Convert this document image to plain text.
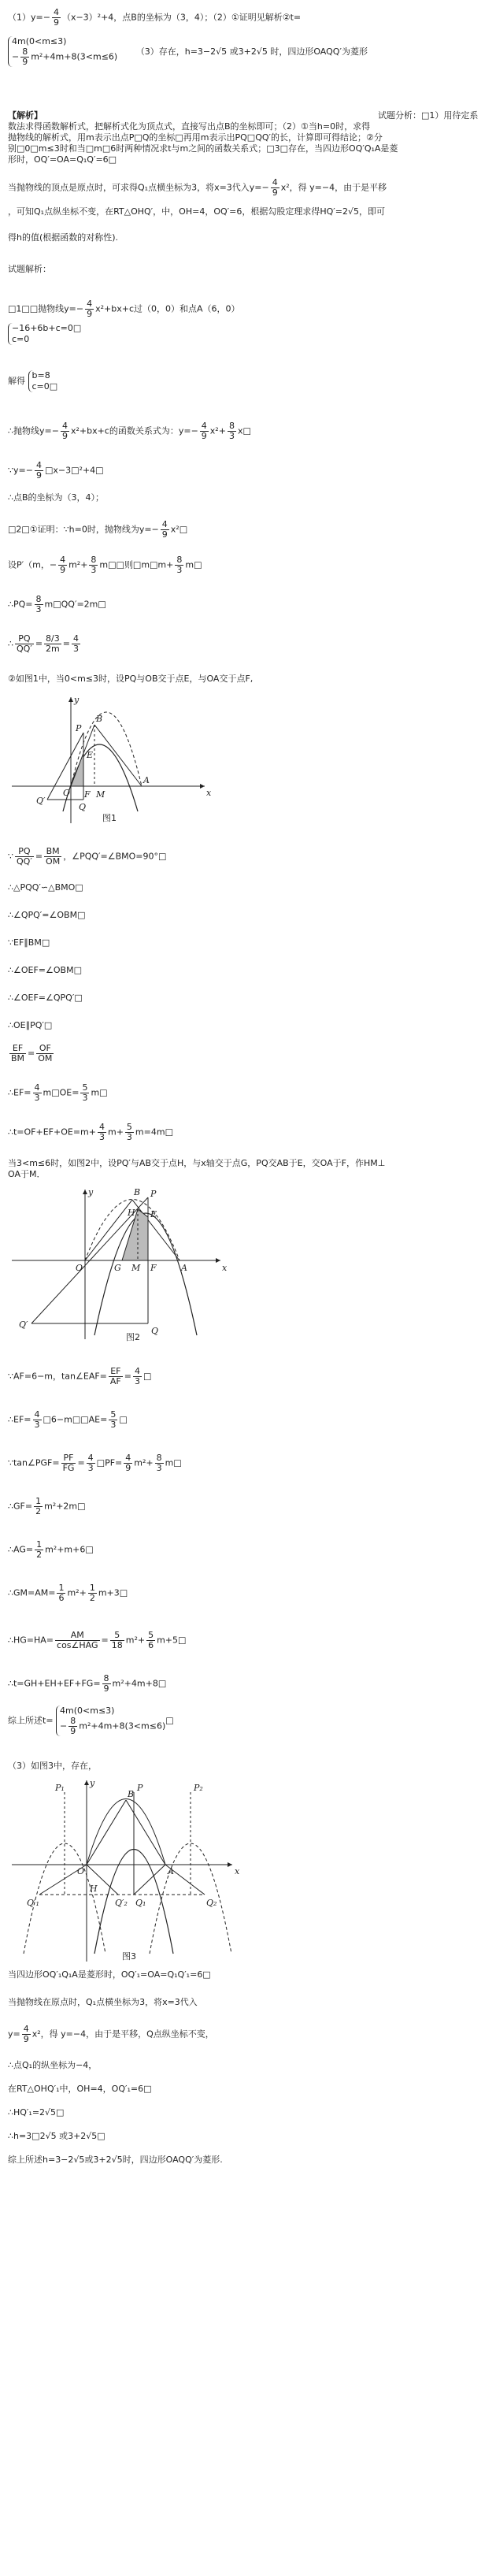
$(1)y=- \frac{4}{9} (x-3)^2+4$，点B的坐标为（3，4）；（2）①证明见解析②t=
4m(0<m≤3)
− $\frac{8}{9} m^2+4m+8(3<m\le 6)$ （3）存在，h=3−2√5 或3+2√5 时，四边形OAQQ′为菱形
【解析】	试题分析：□1）用待定系
数法求得函数解析式，把解析式化为顶点式，直接写出点B的坐标即可；（2）①当h=0时，求得
抛物线的解析式，用m表示出点P□Q的坐标□再用m表示出PQ□QQ′的长，计算即可得结论；②分
别□0□m≤3时和当□m□6时两种情况求t与m之间的函数关系式；□3□存在，当四边形OQ′Q₁A是菱
形时，OQ′=OA=Q₁Q′=6□
当抛物线的顶点是原点时，可求得Q₁点横坐标为3，将x=3代入$y=- \frac{4}{9} x^2$，得 y=−4，由于是平移
，可知Q₁点纵坐标不变，在RT△OHQ′，中，OH=4，OQ′=6，根据勾股定理求得HQ′=2√5，即可
得h的值(根据函数的对称性).
试题解析：
□1□□抛物线$y=- \frac{4}{9} x^2+bx+c$过（0，0）和点A（6，0）
−16+6b+c=0□
c=0
解得 b=8
c=0□
∴抛物线$y=- \frac{4}{9} x^2+bx+c$的函数关系式为：$y=- \frac{4}{9} x^2+ \frac{8}{3}$ x□
∵y=− $\frac{4}{9}$ □x−3□²+4□
∴点B的坐标为（3，4）；
□2□①证明：∵h=0时，抛物线为$y=- \frac{4}{9}$ x²□
设P′（m，− $\frac{4}{9} m^2+ \frac{8}{3}$ m□□则□m□m+ $\frac{8}{3}$ m□
∴PQ= $\frac{8}{3}$ m□QQ′=2m□
∴ $\frac{PQ}{QQ'} = \frac{8/3}{2m} = \frac{4}{3}$
②如图1中，当0<m≤3时，设PQ与OB交于点E，与OA交于点F,
x
y
O
B
P
E
A
F M
Q
Q′
图1
∵ $\frac{PQ}{QQ'} = \frac{BM}{OM}$ ，∠PQQ′=∠BMO=90°□
∴△PQQ′∽△BMO□
∴∠QPQ′=∠OBM□
∵EF∥BM□
∴∠OEF=∠OBM□
∴∠OEF=∠QPQ′□
∴OE∥PQ′□
$\frac{EF}{BM} = \frac{OF}{OM}$
∴EF= $\frac{4}{3}$ m□OE= $\frac{5}{3}$ m□
∴t=OF+EF+OE=m+ $\frac{4}{3} m+ \frac{5}{3}$ m=4m□
当3<m≤6时，如图2中，设PQ′与AB交于点H，与x轴交于点G，PQ交AB于E，交OA于F，作HM⊥
OA于M．
x
y
O
B P
E
H
G M F	A
Q
Q′
图2
∵AF=6−m，tan∠EAF= $\frac{EF}{AF} = \frac{4}{3}$ □
∴EF= $\frac{4}{3}$ □6−m□□AE= $\frac{5}{3}$ □
∵tan∠PGF= $\frac{PF}{FG} = \frac{4}{3}$ □PF= $\frac{4}{9} m^2+ \frac{8}{3}$ m□
∴GF= $\frac{1}{2}$ m²+2m□
∴AG= $\frac{1}{2}$ m²+m+6□
∴GM=AM= $\frac{1}{6} m^2+ \frac{1}{2}$ m+3□
∴HG=HA=	AM
cos∠HAG = $\frac{5}{18} m^2+ \frac{5}{6}$ m+5□
∴t=GH+EH+EF+FG= $\frac{8}{9}$ m²+4m+8□
综上所述t= 4m(0<m≤3)
− $\frac{8}{9}$ m²+4m+8(3<m≤6)□
（3）如图3中，存在，
x
y
O
B
P
P₁	P₂
A
H
Q₁	Q₂
Q′₁	Q′₂
图3
当四边形OQ′₁Q₁A是菱形时，OQ′₁=OA=Q₁Q′₁=6□
当抛物线在原点时，Q₁点横坐标为3，将x=3代入
$y= \frac{4}{9} x^2$，得 y=−4，由于是平移，Q点纵坐标不变，
∴点Q₁的纵坐标为−4，
在RT△OHQ′₁中，OH=4，OQ′₁=6□
∴HQ′₁=2√5□
∴h=3□2√5 或3+2√5□
综上所述h=3−2√5或3+2√5时，四边形OAQQ′为菱形.
